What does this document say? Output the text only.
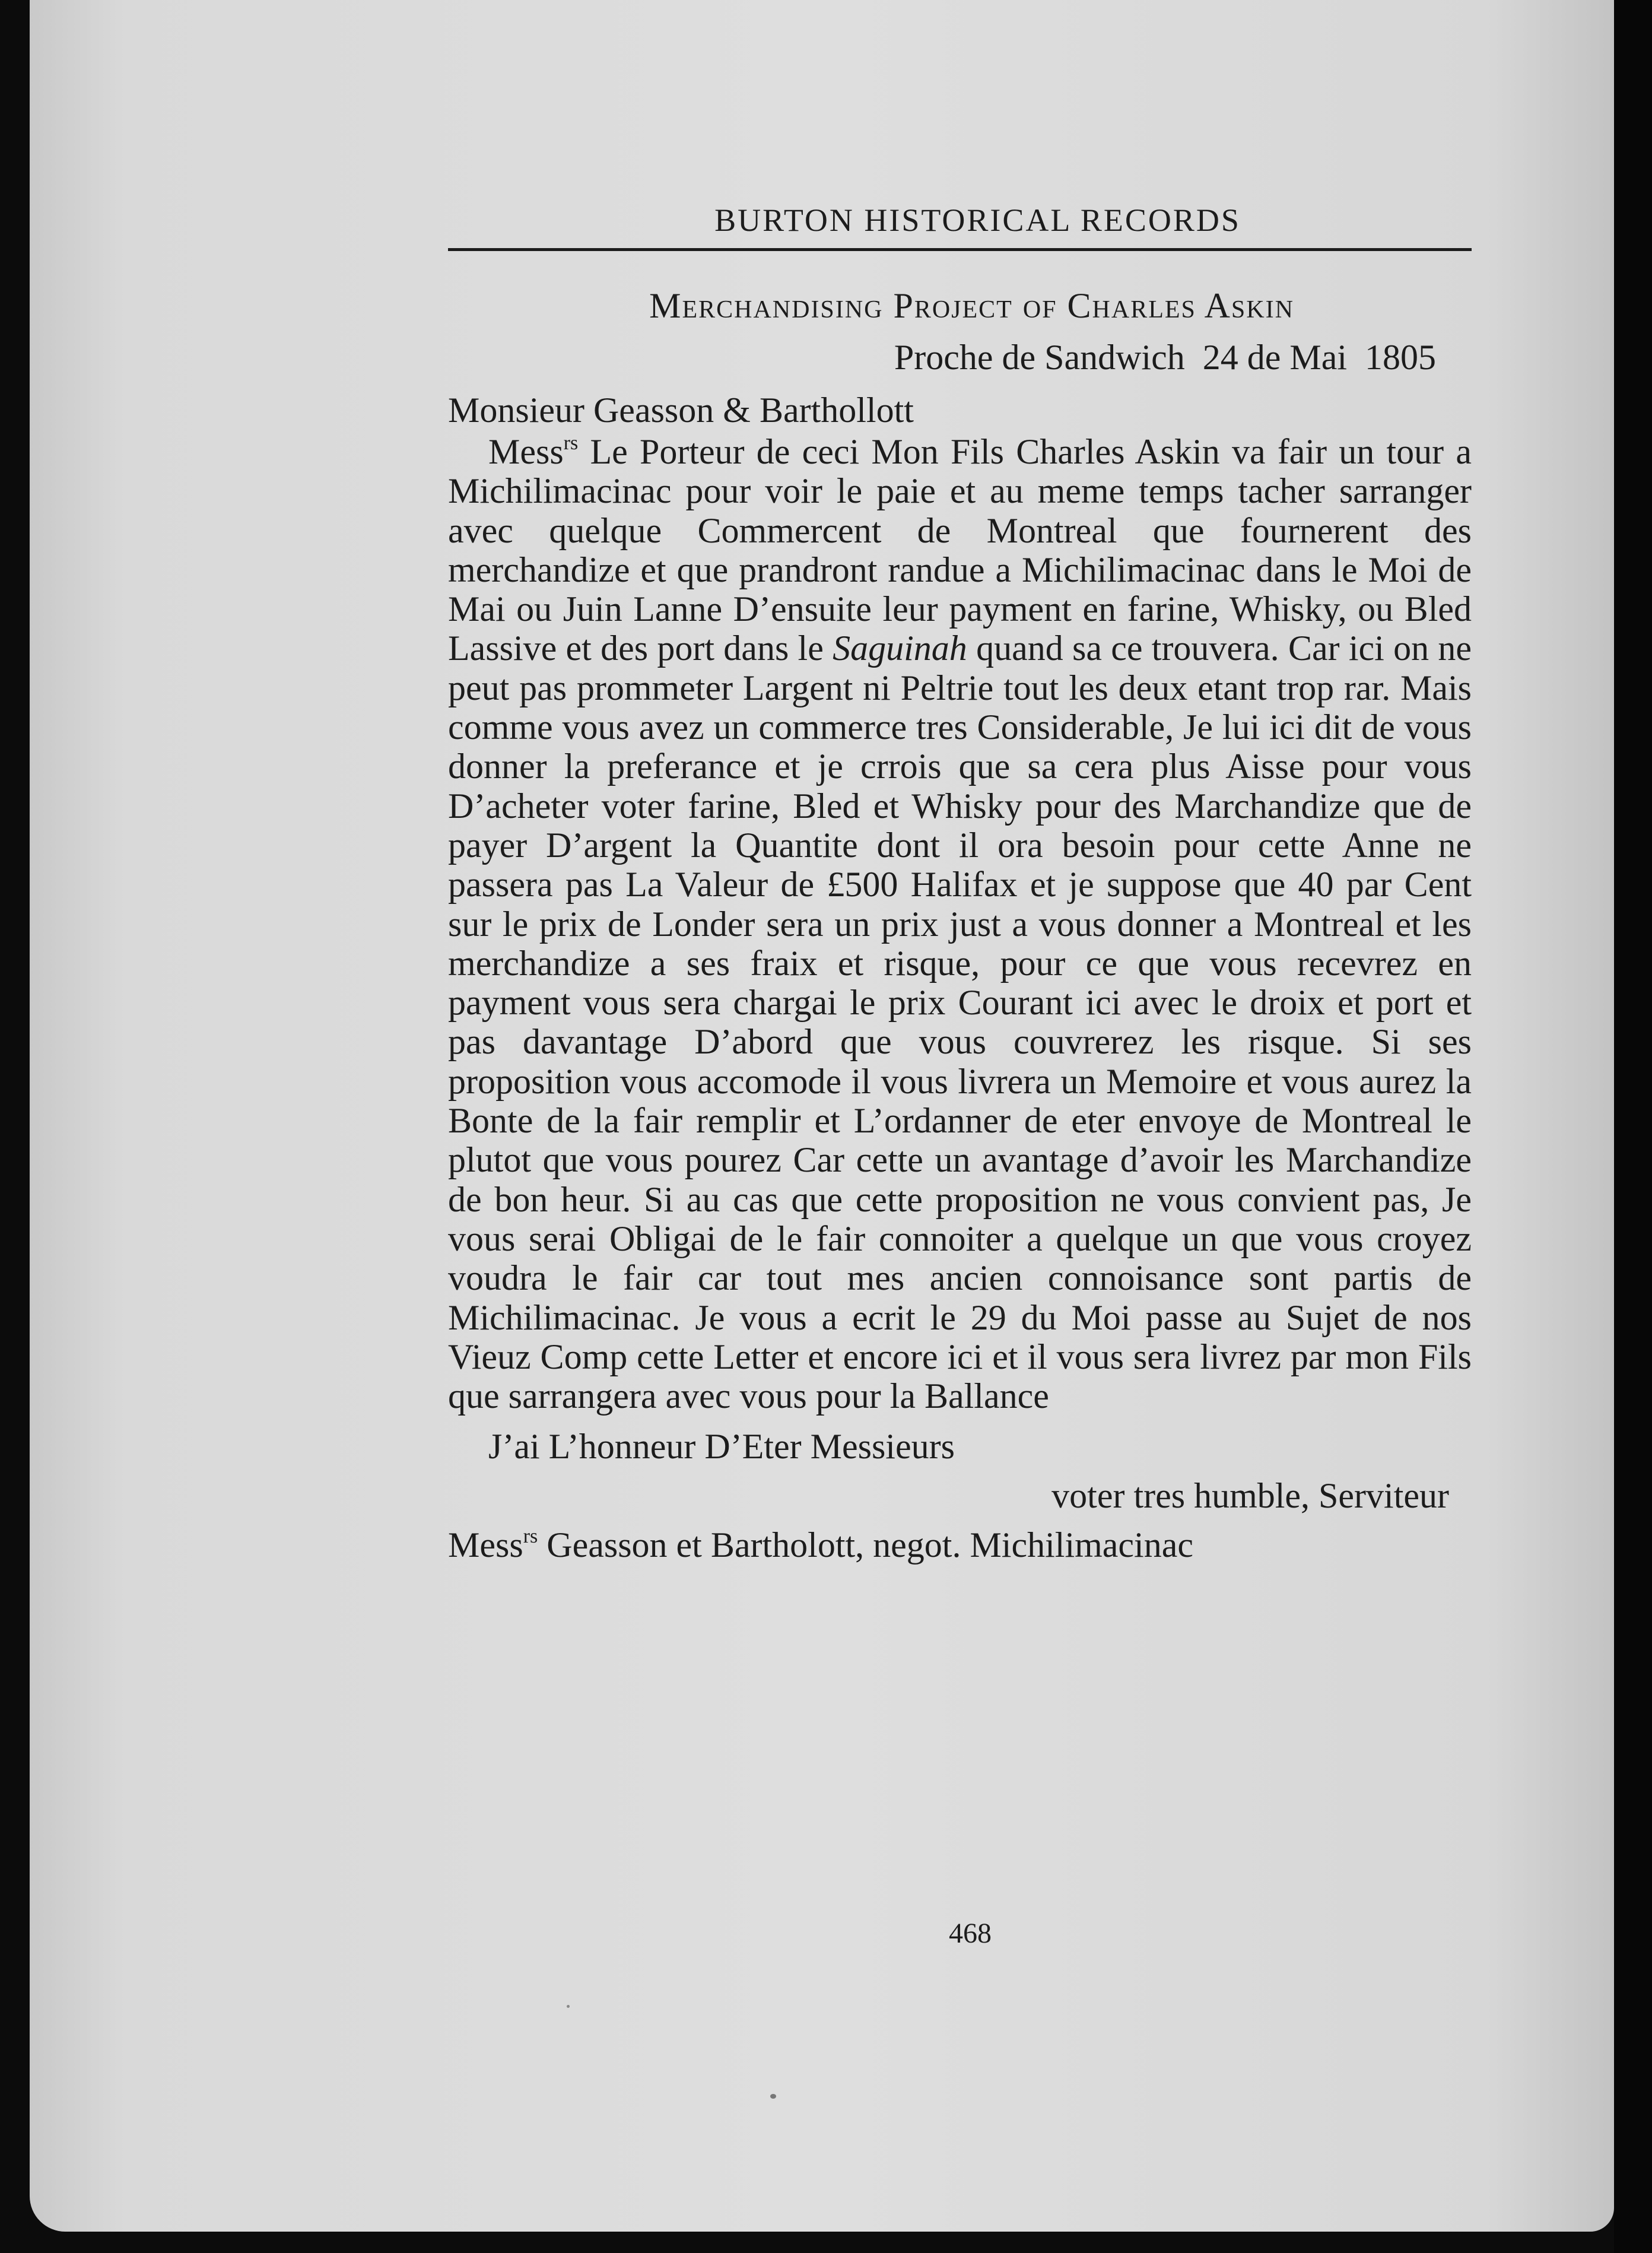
BURTON HISTORICAL RECORDS
Merchandising Project of Charles Askin
Proche de Sandwich  24 de Mai  1805
Monsieur Geasson & Barthollott

Mess$^{rs}$ Le Porteur de ceci Mon Fils Charles Askin va fair un tour a Michilimacinac pour voir le paie et au meme temps tacher sarranger avec quelque Commercent de Montreal que fournerent des merchandize et que prandront randue a Michilimacinac dans le Moi de Mai ou Juin Lanne D’ensuite leur payment en farine, Whisky, ou Bled Lassive et des port dans le Saguinah quand sa ce trouvera. Car ici on ne peut pas prommeter Largent ni Peltrie tout les deux etant trop rar. Mais comme vous avez un commerce tres Considerable, Je lui ici dit de vous donner la preferance et je crrois que sa cera plus Aisse pour vous D’acheter voter farine, Bled et Whisky pour des Marchandize que de payer D’argent la Quantite dont il ora besoin pour cette Anne ne passera pas La Valeur de £500 Halifax et je suppose que 40 par Cent sur le prix de Londer sera un prix just a vous donner a Montreal et les merchandize a ses fraix et risque, pour ce que vous recevrez en payment vous sera chargai le prix Courant ici avec le droix et port et pas davantage D’abord que vous couvrerez les risque. Si ses proposition vous accomode il vous livrera un Memoire et vous aurez la Bonte de la fair remplir et L’ordanner de eter envoye de Montreal le plutot que vous pourez Car cette un avantage d’avoir les Marchandize de bon heur. Si au cas que cette proposition ne vous convient pas, Je vous serai Obligai de le fair connoiter a quelque un que vous croyez voudra le fair car tout mes ancien connoisance sont partis de Michilimacinac. Je vous a ecrit le 29 du Moi passe au Sujet de nos Vieuz Comp cette Letter et encore ici et il vous sera livrez par mon Fils que sarrangera avec vous pour la Ballance

J’ai L’honneur D’Eter Messieurs
voter tres humble, Serviteur
Mess$^{rs}$ Geasson et Bartholott, negot. Michilimacinac
468
